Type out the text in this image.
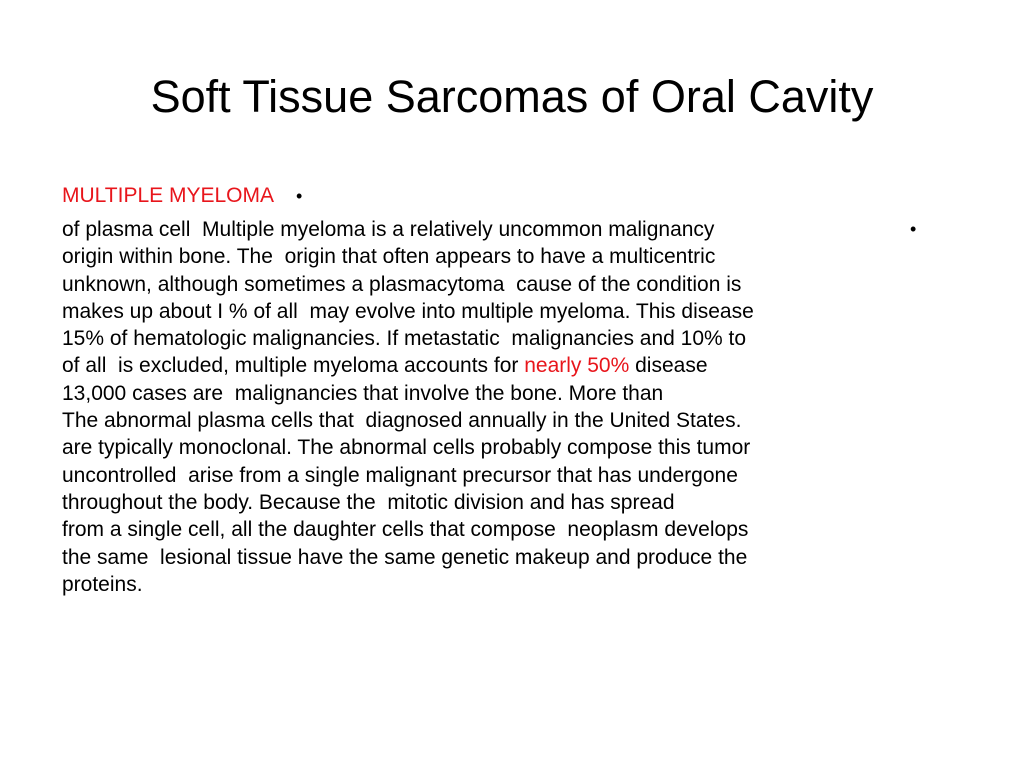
Soft Tissue Sarcomas of Oral Cavity
MULTIPLE MYELOMA •
of plasma cell  Multiple myeloma is a relatively uncommon malignancy	•
origin within bone. The  origin that often appears to have a multicentric
unknown, although sometimes a plasmacytoma  cause of the condition is
makes up about I % of all  may evolve into multiple myeloma. This disease
15% of hematologic malignancies. If metastatic  malignancies and 10% to
of all  is excluded, multiple myeloma accounts for nearly 50% disease
13,000 cases are  malignancies that involve the bone. More than
The abnormal plasma cells that  diagnosed annually in the United States.
are typically monoclonal. The abnormal cells probably compose this tumor
uncontrolled  arise from a single malignant precursor that has undergone
throughout the body. Because the  mitotic division and has spread
from a single cell, all the daughter cells that compose  neoplasm develops
the same  lesional tissue have the same genetic makeup and produce the
proteins.
